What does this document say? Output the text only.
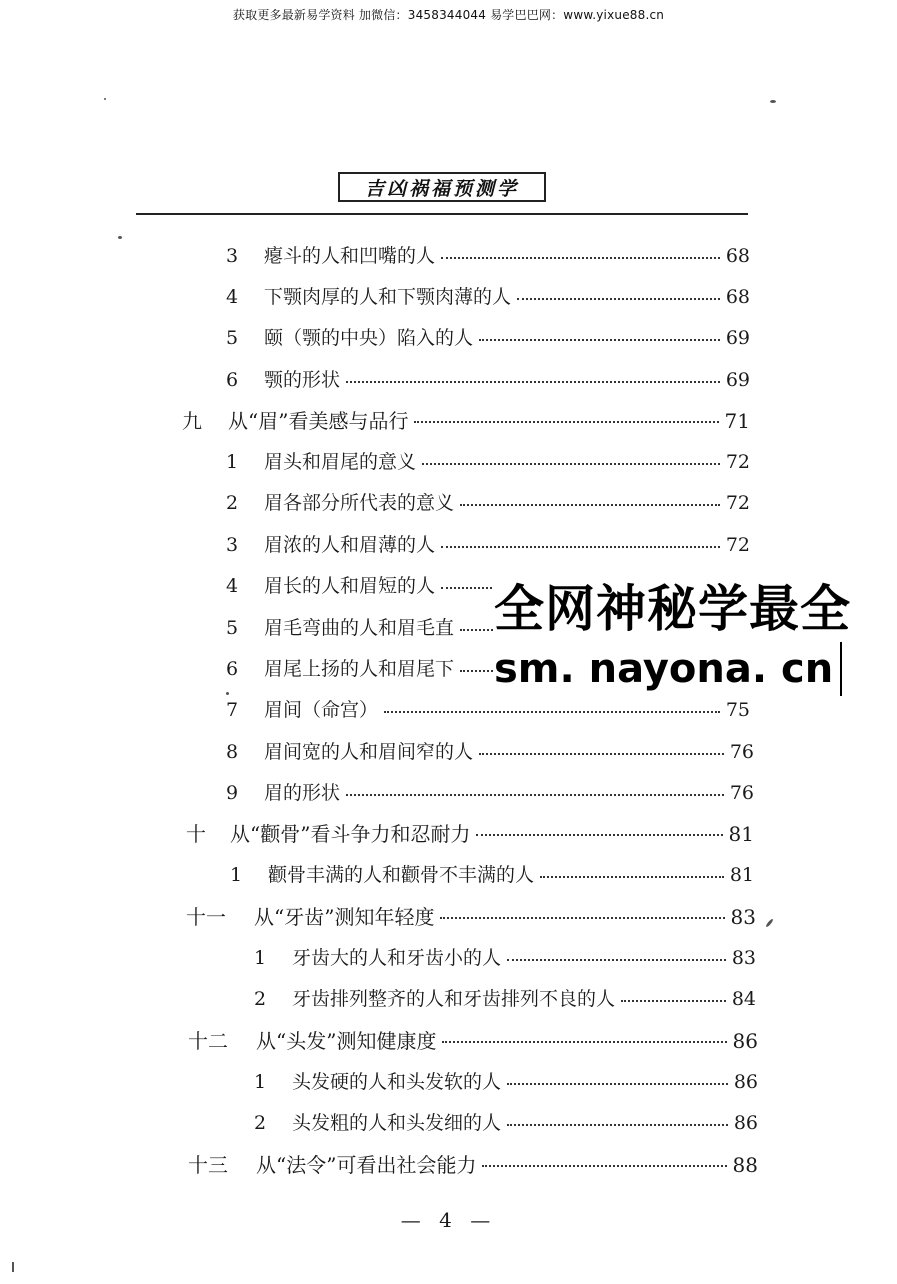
获取更多最新易学资料 加微信：3458344044 易学巴巴网：www.yixue88.cn
吉凶祸福预测学
3	瘪斗的人和凹嘴的人	68
4	下颚肉厚的人和下颚肉薄的人	68
5	颐（颚的中央）陷入的人	69
6	颚的形状	69
九	从“眉”看美感与品行	71
1	眉头和眉尾的意义	72
2	眉各部分所代表的意义	72
3	眉浓的人和眉薄的人	72
4	眉长的人和眉短的人
5	眉毛弯曲的人和眉毛直
6	眉尾上扬的人和眉尾下
7	眉间（命宫）	75
8	眉间宽的人和眉间窄的人	76
9	眉的形状	76
十	从“颧骨”看斗争力和忍耐力	81
1	颧骨丰满的人和颧骨不丰满的人	81
十一	从“牙齿”测知年轻度	83
1	牙齿大的人和牙齿小的人	83
2	牙齿排列整齐的人和牙齿排列不良的人	84
十二	从“头发”测知健康度	86
1	头发硬的人和头发软的人	86
2	头发粗的人和头发细的人	86
十三	从“法令”可看出社会能力	88
全网神秘学最全
sm. nayona. cn
— 4 —
